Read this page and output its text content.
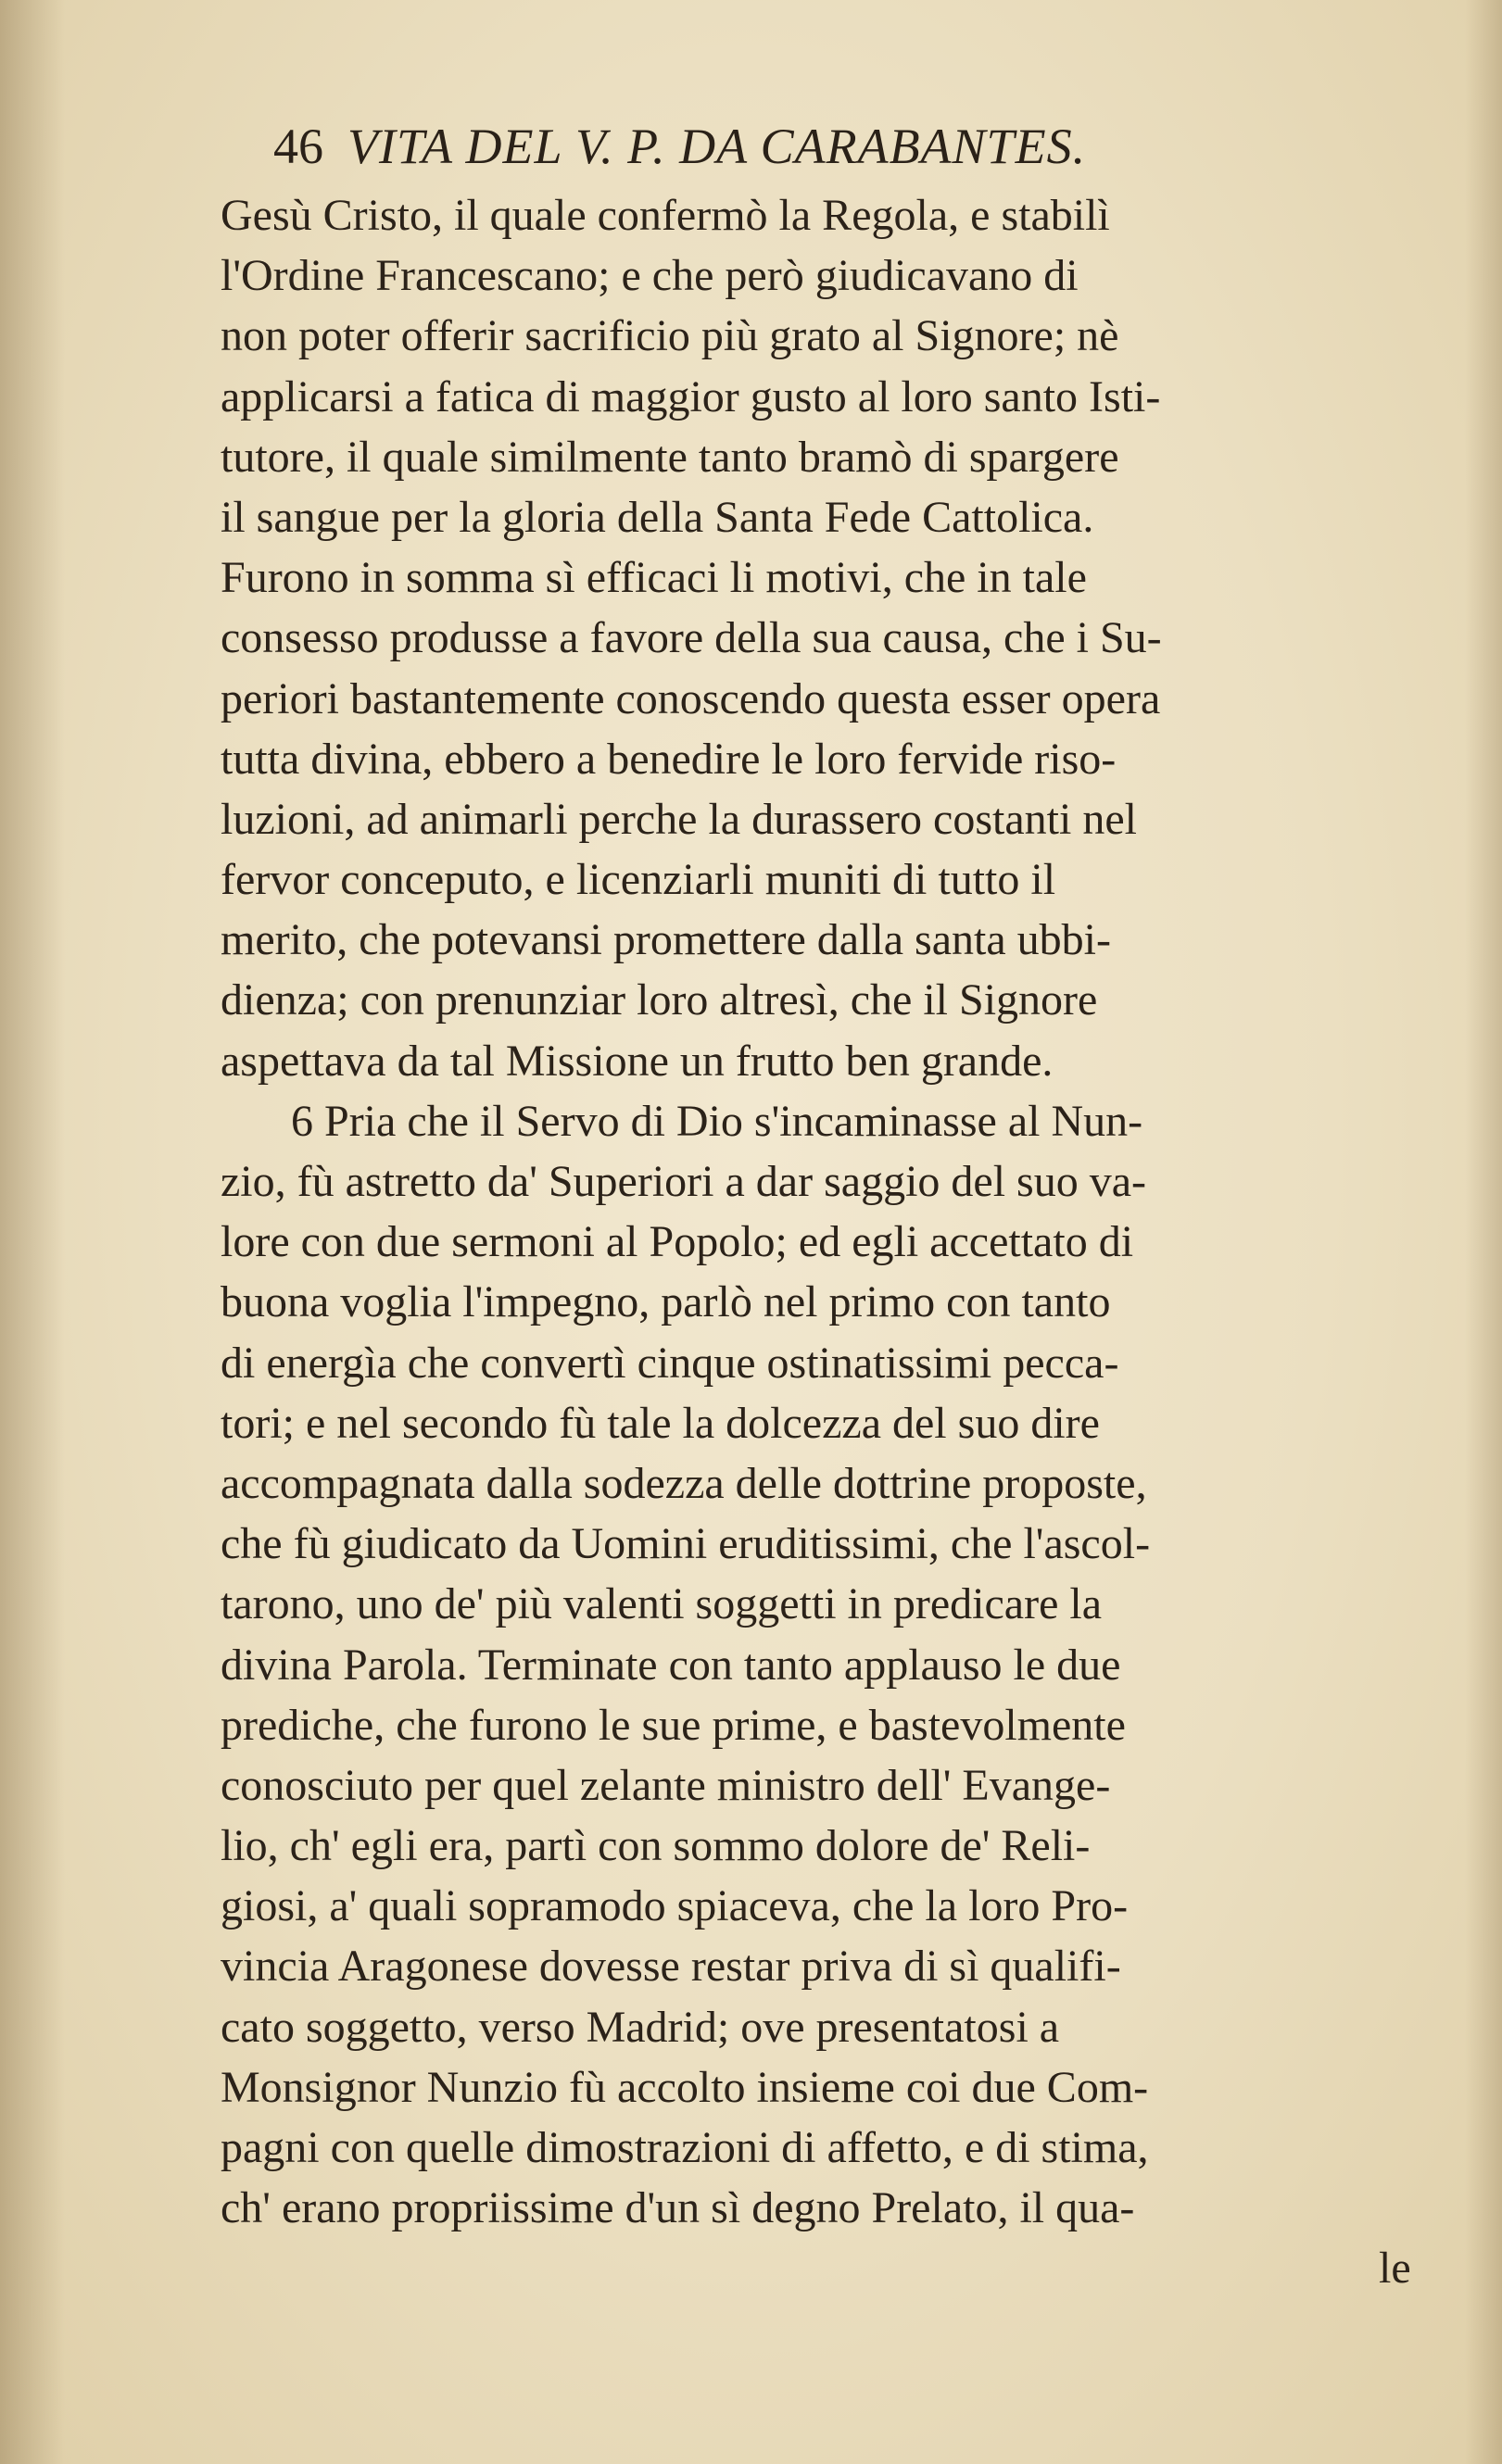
46 VITA DEL V. P. DA CARABANTES.
Gesù Cristo, il quale confermò la Regola, e stabilì
l'Ordine Francescano; e che però giudicavano di
non poter offerir sacrificio più grato al Signore; nè
applicarsi a fatica di maggior gusto al loro santo Isti-
tutore, il quale similmente tanto bramò di spargere
il sangue per la gloria della Santa Fede Cattolica.
Furono in somma sì efficaci li motivi, che in tale
consesso produsse a favore della sua causa, che i Su-
periori bastantemente conoscendo questa esser opera
tutta divina, ebbero a benedire le loro fervide riso-
luzioni, ad animarli perche la durassero costanti nel
fervor conceputo, e licenziarli muniti di tutto il
merito, che potevansi promettere dalla santa ubbi-
dienza; con prenunziar loro altresì, che il Signore
aspettava da tal Missione un frutto ben grande.
6 Pria che il Servo di Dio s'incaminasse al Nun-
zio, fù astretto da' Superiori a dar saggio del suo va-
lore con due sermoni al Popolo; ed egli accettato di
buona voglia l'impegno, parlò nel primo con tanto
di energìa che convertì cinque ostinatissimi pecca-
tori; e nel secondo fù tale la dolcezza del suo dire
accompagnata dalla sodezza delle dottrine proposte,
che fù giudicato da Uomini eruditissimi, che l'ascol-
tarono, uno de' più valenti soggetti in predicare la
divina Parola. Terminate con tanto applauso le due
prediche, che furono le sue prime, e bastevolmente
conosciuto per quel zelante ministro dell' Evange-
lio, ch' egli era, partì con sommo dolore de' Reli-
giosi, a' quali sopramodo spiaceva, che la loro Pro-
vincia Aragonese dovesse restar priva di sì qualifi-
cato soggetto, verso Madrid; ove presentatosi a
Monsignor Nunzio fù accolto insieme coi due Com-
pagni con quelle dimostrazioni di affetto, e di stima,
ch' erano propriissime d'un sì degno Prelato, il qua-
le
